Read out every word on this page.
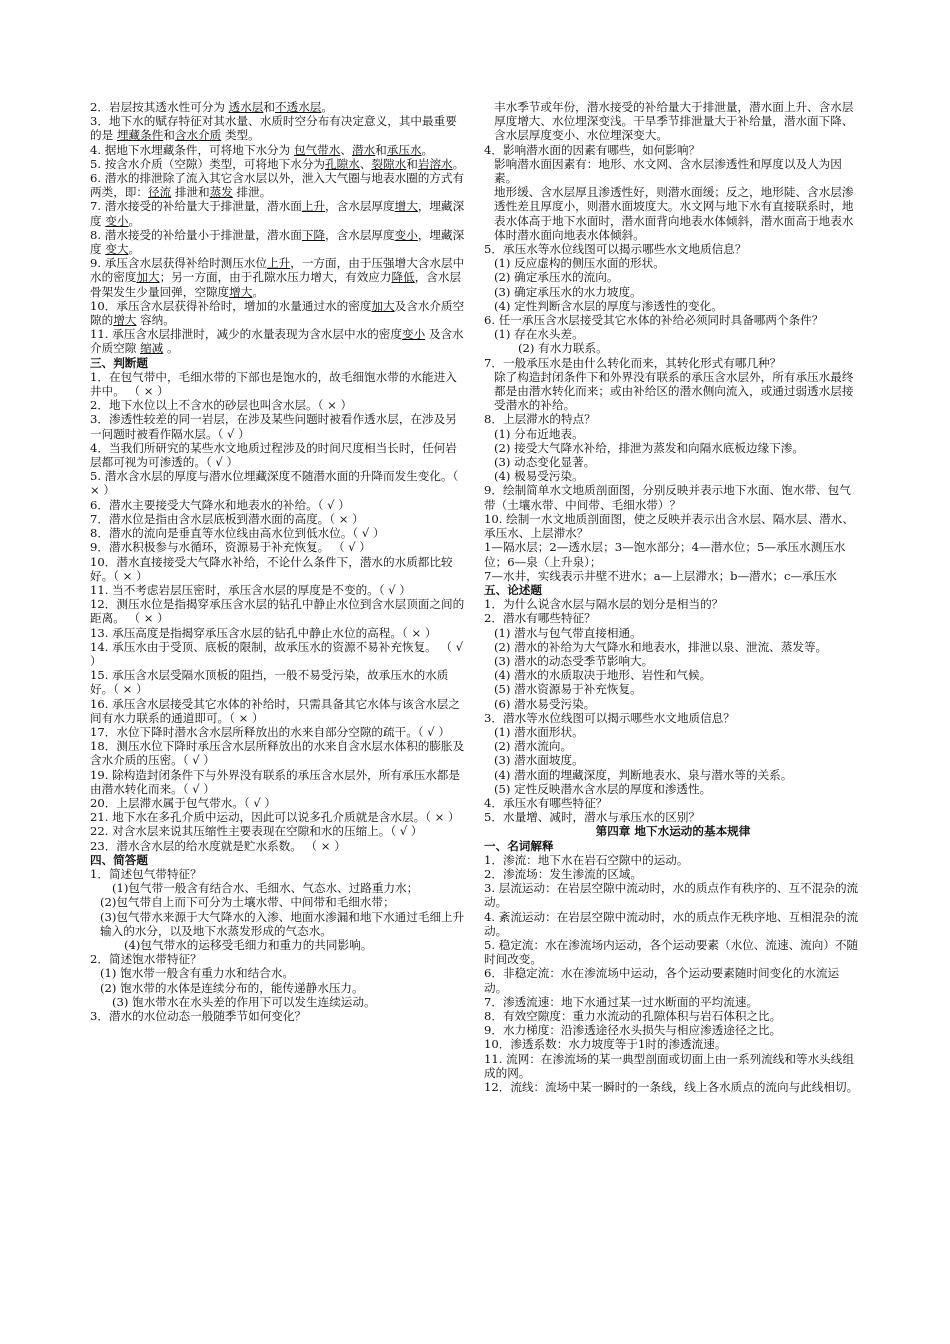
2．岩层按其透水性可分为 透水层和不透水层。
3．地下水的赋存特征对其水量、水质时空分布有决定意义，其中最重要的是 埋藏条件和含水介质 类型。
4. 据地下水埋藏条件，可将地下水分为 包气带水、潜水和承压水。
5. 按含水介质（空隙）类型，可将地下水分为孔隙水、裂隙水和岩溶水。
6. 潜水的排泄除了流入其它含水层以外，泄入大气圈与地表水圈的方式有两类，即：径流 排泄和蒸发 排泄。
7. 潜水接受的补给量大于排泄量，潜水面上升，含水层厚度增大，埋藏深度 变小。
8. 潜水接受的补给量小于排泄量，潜水面下降，含水层厚度变小，埋藏深度 变大。
9. 承压含水层获得补给时测压水位上升，一方面，由于压强增大含水层中水的密度加大；另一方面，由于孔隙水压力增大，有效应力降低，含水层骨架发生少量回弹，空隙度增大。
10．承压含水层获得补给时，增加的水量通过水的密度加大及含水介质空隙的增大 容纳。
11. 承压含水层排泄时，减少的水量表现为含水层中水的密度变小 及含水介质空隙 缩减 。
三、判断题
1．在包气带中，毛细水带的下部也是饱水的，故毛细饱水带的水能进入井中。 （ × ）
2．地下水位以上不含水的砂层也叫含水层。（ × ）
3．渗透性较差的同一岩层，在涉及某些问题时被看作透水层，在涉及另一问题时被看作隔水层。（ √ ）
4．当我们所研究的某些水文地质过程涉及的时间尺度相当长时，任何岩层都可视为可渗透的。（ √ ）
5. 潜水含水层的厚度与潜水位埋藏深度不随潜水面的升降而发生变化。（ × ）
6．潜水主要接受大气降水和地表水的补给。（ √ ）
7．潜水位是指由含水层底板到潜水面的高度。（ × ）
8．潜水的流向是垂直等水位线由高水位到低水位。（ √ ）
9．潜水积极参与水循环，资源易于补充恢复。 （ √ ）
10．潜水直接接受大气降水补给，不论什么条件下，潜水的水质都比较好。（ × ）
11. 当不考虑岩层压密时，承压含水层的厚度是不变的。（ √ ）
12．测压水位是指揭穿承压含水层的钻孔中静止水位到含水层顶面之间的距离。 （ × ）
13. 承压高度是指揭穿承压含水层的钻孔中静止水位的高程。（ × ）
14. 承压水由于受顶、底板的限制，故承压水的资源不易补充恢复。 （ √ ）
15. 承压含水层受隔水顶板的阻挡，一般不易受污染，故承压水的水质好。（ × ）
16. 承压含水层接受其它水体的补给时，只需具备其它水体与该含水层之间有水力联系的通道即可。（ × ）
17．水位下降时潜水含水层所释放出的水来自部分空隙的疏干。（ √ ）
18．测压水位下降时承压含水层所释放出的水来自含水层水体积的膨胀及含水介质的压密。（ √ ）
19. 除构造封闭条件下与外界没有联系的承压含水层外，所有承压水都是由潜水转化而来。（ √ ）
20．上层滞水属于包气带水。（ √ ）
21. 地下水在多孔介质中运动，因此可以说多孔介质就是含水层。（ × ）
22. 对含水层来说其压缩性主要表现在空隙和水的压缩上。（ √ ）
23．潜水含水层的给水度就是贮水系数。 （ × ）
四、简答题
1．简述包气带特征？
(1)包气带一般含有结合水、毛细水、气态水、过路重力水；
(2)包气带自上而下可分为土壤水带、中间带和毛细水带；
(3)包气带水来源于大气降水的入渗、地面水渗漏和地下水通过毛细上升输入的水分，以及地下水蒸发形成的气态水。
(4)包气带水的运移受毛细力和重力的共同影响。
2．简述饱水带特征？
(1) 饱水带一般含有重力水和结合水。
(2) 饱水带的水体是连续分布的，能传递静水压力。
(3) 饱水带水在水头差的作用下可以发生连续运动。
3．潜水的水位动态一般随季节如何变化？
丰水季节或年份，潜水接受的补给量大于排泄量，潜水面上升、含水层厚度增大、水位埋深变浅。干旱季节排泄量大于补给量，潜水面下降、含水层厚度变小、水位埋深变大。
4．影响潜水面的因素有哪些，如何影响？
影响潜水面因素有：地形、水文网、含水层渗透性和厚度以及人为因素。
地形缓、含水层厚且渗透性好，则潜水面缓；反之，地形陡、含水层渗透性差且厚度小，则潜水面坡度大。水文网与地下水有直接联系时，地表水体高于地下水面时，潜水面背向地表水体倾斜，潜水面高于地表水体时潜水面向地表水体倾斜。
5．承压水等水位线图可以揭示哪些水文地质信息？
(1) 反应虚构的侧压水面的形状。
(2) 确定承压水的流向。
(3) 确定承压水的水力坡度。
(4) 定性判断含水层的厚度与渗透性的变化。
6. 任一承压含水层接受其它水体的补给必须同时具备哪两个条件？
(1) 存在水头差。
(2) 有水力联系。
7．一般承压水是由什么转化而来，其转化形式有哪几种？
除了构造封闭条件下和外界没有联系的承压含水层外，所有承压水最终都是由潜水转化而来；或由补给区的潜水侧向流入，或通过弱透水层接受潜水的补给。
8．上层滞水的特点？
(1) 分布近地表。
(2) 接受大气降水补给，排泄为蒸发和向隔水底板边缘下渗。
(3) 动态变化显著。
(4) 极易受污染。
9．绘制简单水文地质剖面图，分别反映并表示地下水面、饱水带、包气带（土壤水带、中间带、毛细水带）？
10. 绘制一水文地质剖面图，使之反映并表示出含水层、隔水层、潜水、承压水、上层滞水？
1—隔水层；2—透水层；3—饱水部分；4—潜水位；5—承压水测压水位；6—泉（上升泉）；
7—水井，实线表示井壁不进水；a—上层滞水；b—潜水；c—承压水
五、论述题
1．为什么说含水层与隔水层的划分是相当的？
2．潜水有哪些特征？
(1) 潜水与包气带直接相通。
(2) 潜水的补给为大气降水和地表水，排泄以泉、泄流、蒸发等。
(3) 潜水的动态受季节影响大。
(4) 潜水的水质取决于地形、岩性和气候。
(5) 潜水资源易于补充恢复。
(6) 潜水易受污染。
3．潜水等水位线图可以揭示哪些水文地质信息？
(1) 潜水面形状。
(2) 潜水流向。
(3) 潜水面坡度。
(4) 潜水面的埋藏深度，判断地表水、泉与潜水等的关系。
(5) 定性反映潜水含水层的厚度和渗透性。
4．承压水有哪些特征？
5．水量增、减时，潜水与承压水的区别？
第四章 地下水运动的基本规律
一、名词解释
1．渗流：地下水在岩石空隙中的运动。
2．渗流场：发生渗流的区域。
3. 层流运动：在岩层空隙中流动时，水的质点作有秩序的、互不混杂的流动。
4. 紊流运动：在岩层空隙中流动时，水的质点作无秩序地、互相混杂的流动。
5. 稳定流：水在渗流场内运动，各个运动要素（水位、流速、流向）不随时间改变。
6．非稳定流：水在渗流场中运动，各个运动要素随时间变化的水流运动。
7．渗透流速：地下水通过某一过水断面的平均流速。
8．有效空隙度：重力水流动的孔隙体积与岩石体积之比。
9．水力梯度：沿渗透途径水头损失与相应渗透途径之比。
10．渗透系数：水力坡度等于1时的渗透流速。
11. 流网：在渗流场的某一典型剖面或切面上由一系列流线和等水头线组成的网。
12．流线：流场中某一瞬时的一条线，线上各水质点的流向与此线相切。
